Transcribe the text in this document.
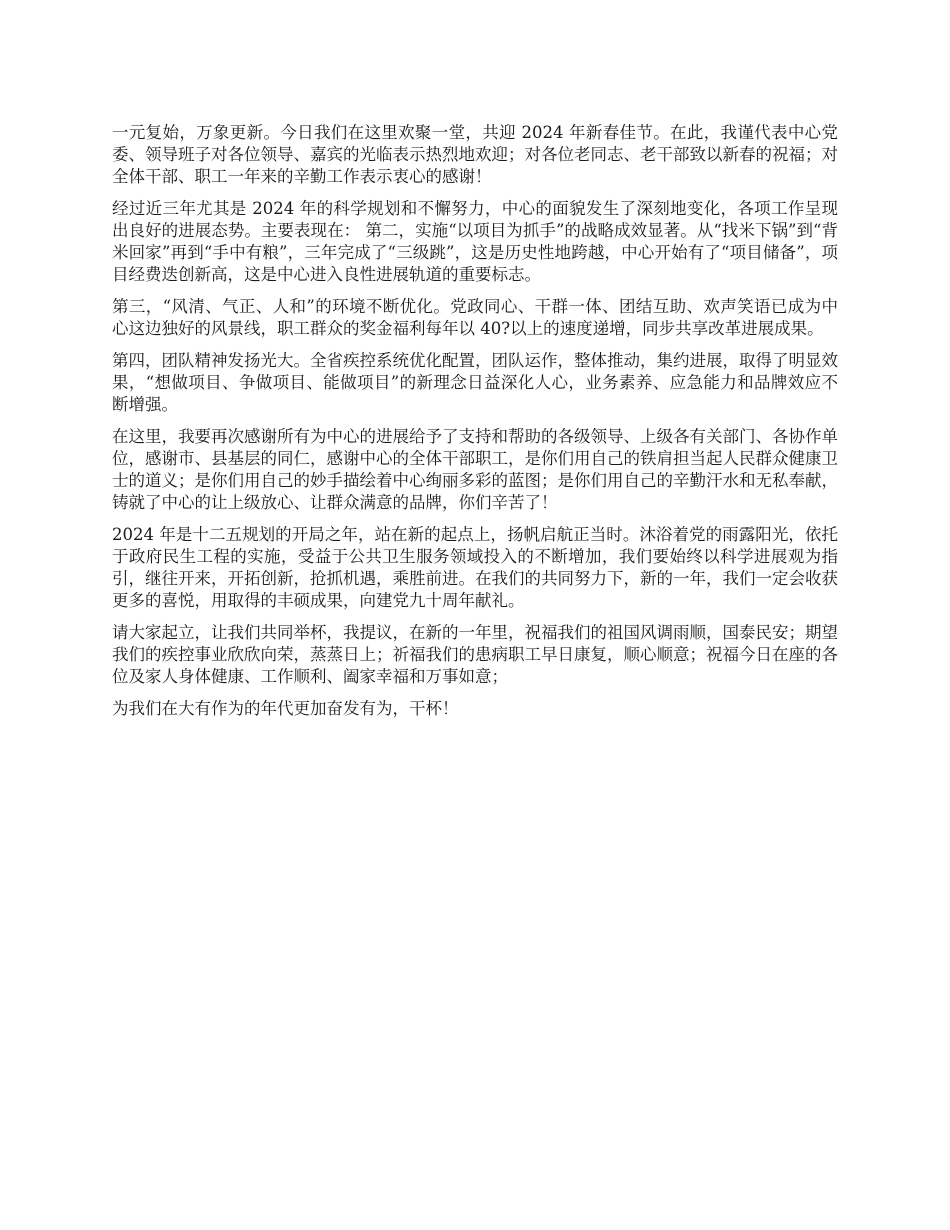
一元复始，万象更新。今日我们在这里欢聚一堂，共迎 2024 年新春佳节。在此，我谨代表中心党委、领导班子对各位领导、嘉宾的光临表示热烈地欢迎；对各位老同志、老干部致以新春的祝福；对全体干部、职工一年来的辛勤工作表示衷心的感谢！

经过近三年尤其是 2024 年的科学规划和不懈努力，中心的面貌发生了深刻地变化，各项工作呈现出良好的进展态势。主要表现在： 第二，实施“以项目为抓手”的战略成效显著。从“找米下锅”到“背米回家”再到“手中有粮”，三年完成了“三级跳”，这是历史性地跨越，中心开始有了“项目储备”，项目经费迭创新高，这是中心进入良性进展轨道的重要标志。

第三，“风清、气正、人和”的环境不断优化。党政同心、干群一体、团结互助、欢声笑语已成为中心这边独好的风景线，职工群众的奖金福利每年以 40?以上的速度递增，同步共享改革进展成果。

第四，团队精神发扬光大。全省疾控系统优化配置，团队运作，整体推动，集约进展，取得了明显效果，“想做项目、争做项目、能做项目”的新理念日益深化人心，业务素养、应急能力和品牌效应不断增强。

在这里，我要再次感谢所有为中心的进展给予了支持和帮助的各级领导、上级各有关部门、各协作单位，感谢市、县基层的同仁，感谢中心的全体干部职工，是你们用自己的铁肩担当起人民群众健康卫士的道义；是你们用自己的妙手描绘着中心绚丽多彩的蓝图；是你们用自己的辛勤汗水和无私奉献，铸就了中心的让上级放心、让群众满意的品牌，你们辛苦了！

2024 年是十二五规划的开局之年，站在新的起点上，扬帆启航正当时。沐浴着党的雨露阳光，依托于政府民生工程的实施，受益于公共卫生服务领域投入的不断增加，我们要始终以科学进展观为指引，继往开来，开拓创新，抢抓机遇，乘胜前进。在我们的共同努力下，新的一年，我们一定会收获更多的喜悦，用取得的丰硕成果，向建党九十周年献礼。

请大家起立，让我们共同举杯，我提议，在新的一年里，祝福我们的祖国风调雨顺，国泰民安；期望我们的疾控事业欣欣向荣，蒸蒸日上；祈福我们的患病职工早日康复，顺心顺意；祝福今日在座的各位及家人身体健康、工作顺利、阖家幸福和万事如意；

为我们在大有作为的年代更加奋发有为，干杯！
